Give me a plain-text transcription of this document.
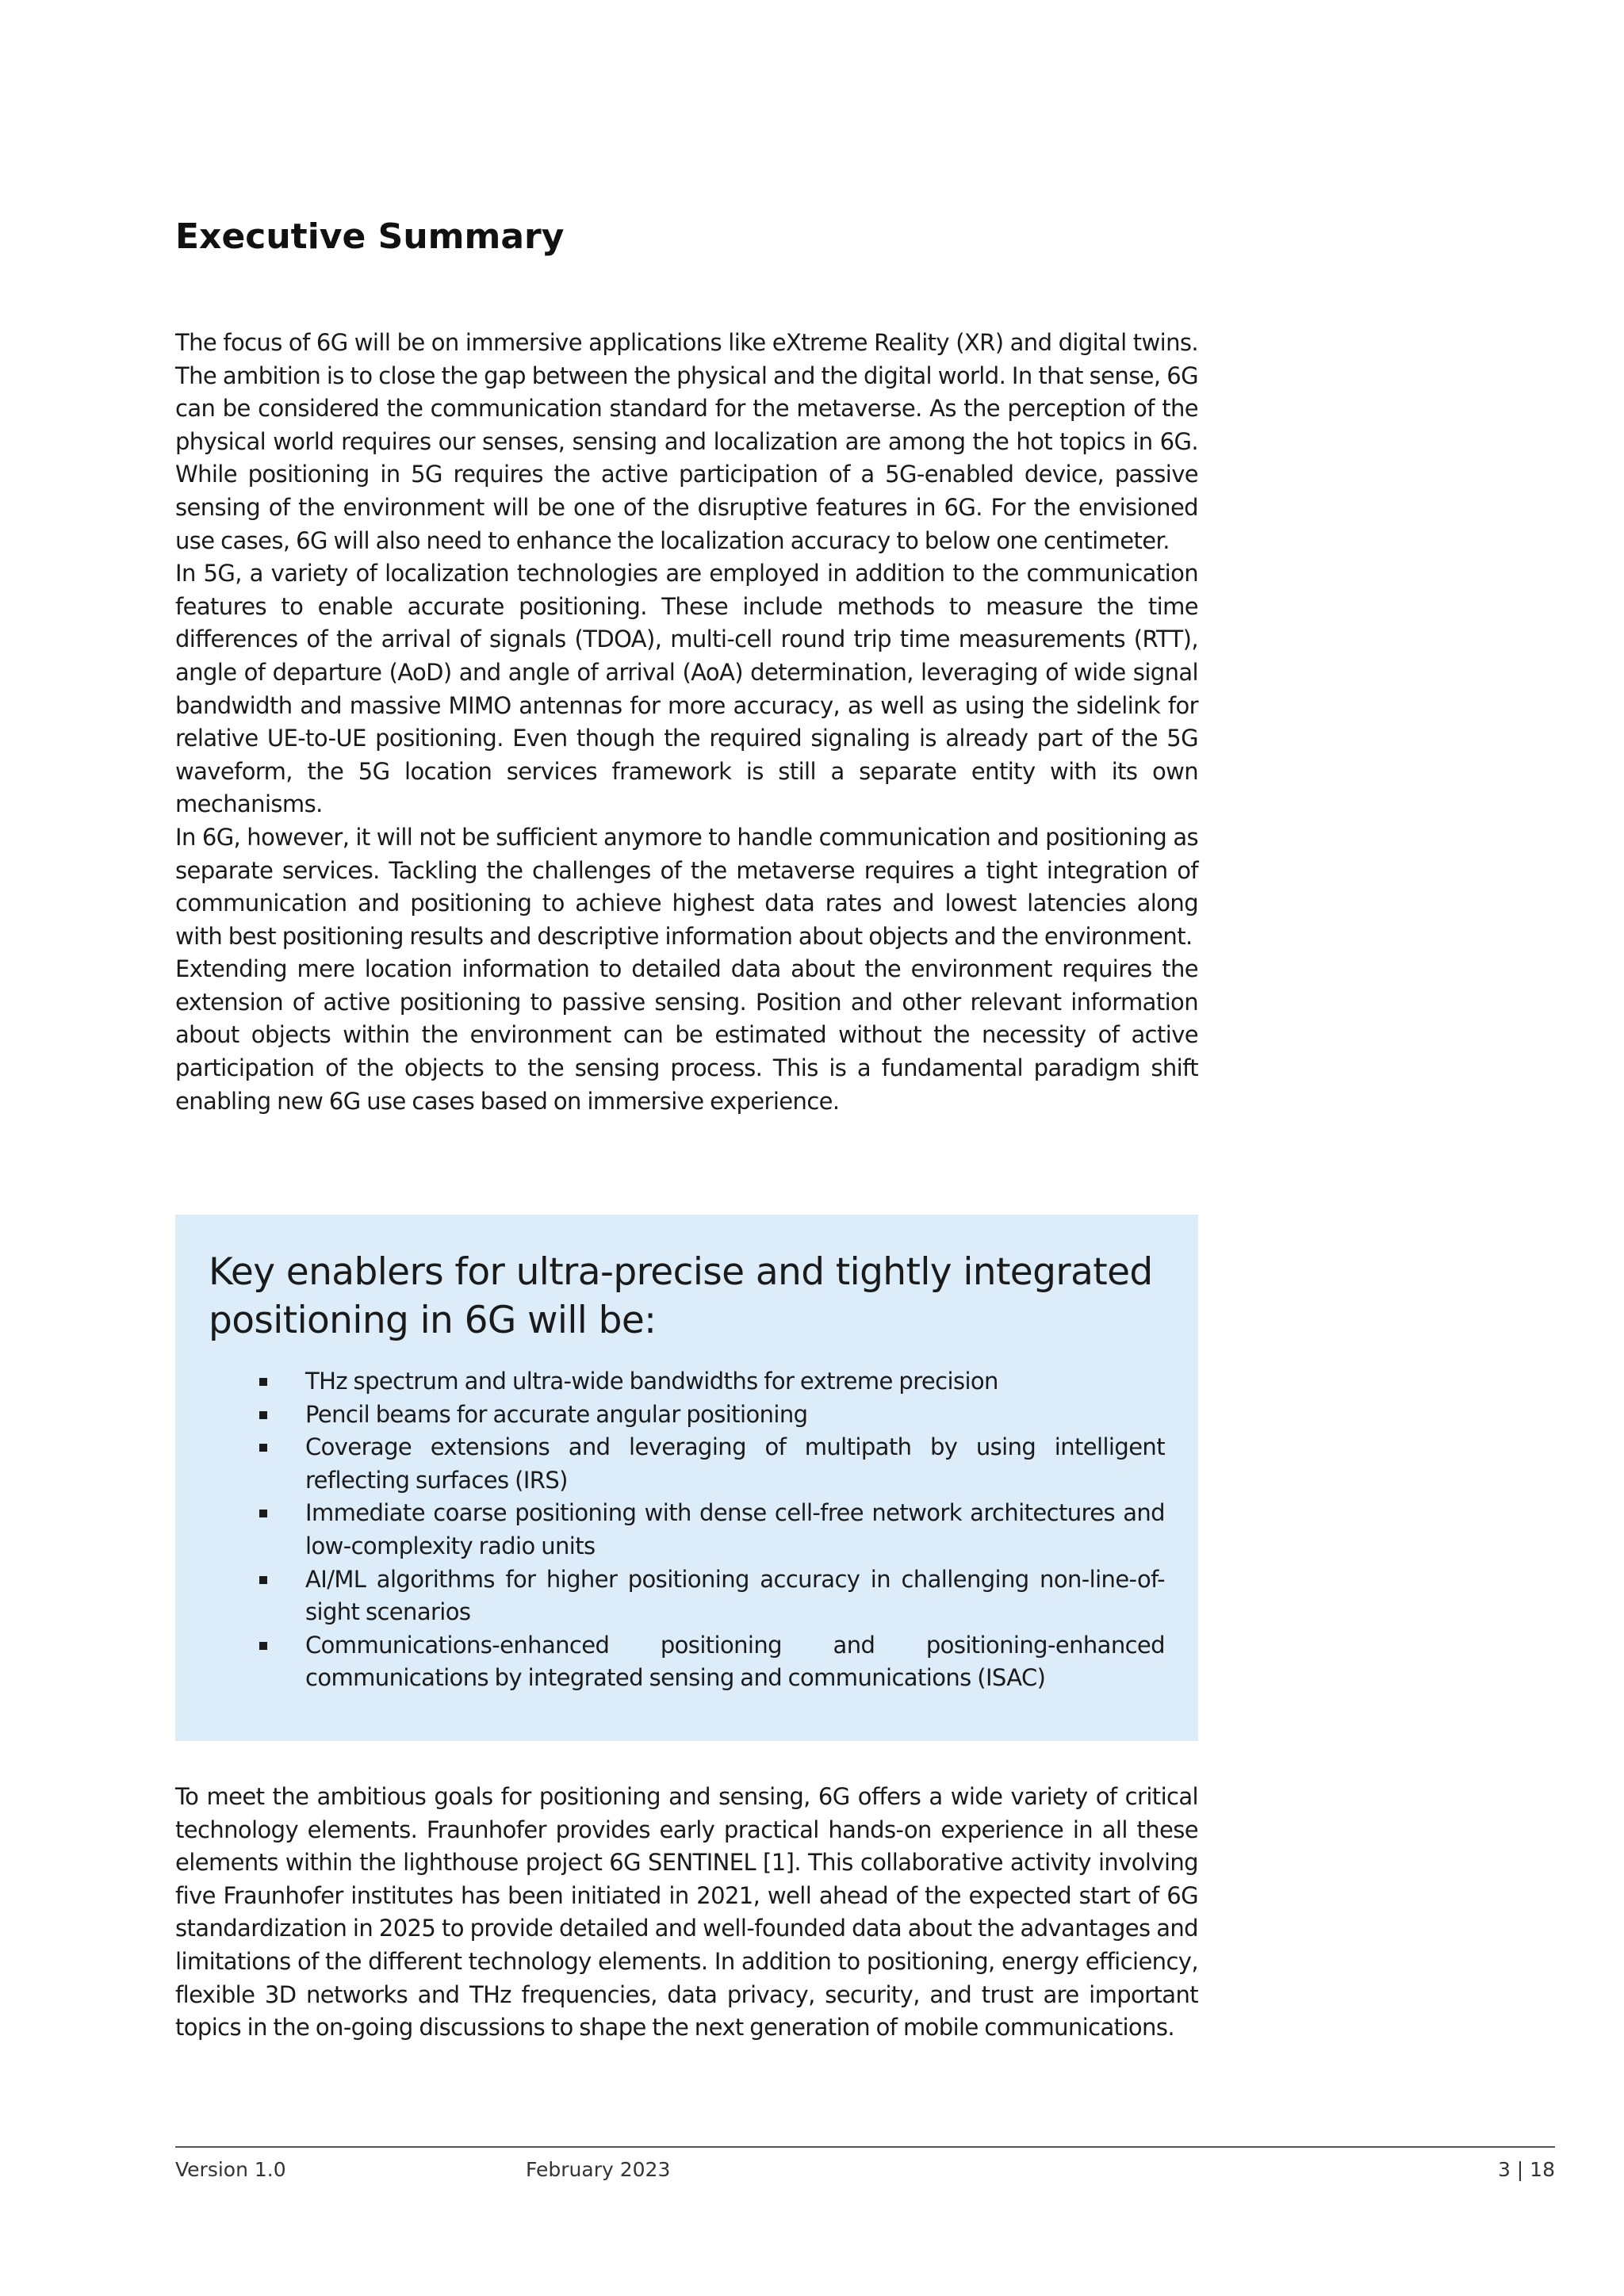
Executive Summary

The focus of 6G will be on immersive applications like eXtreme Reality (XR) and digital twins. The ambition is to close the gap between the physical and the digital world. In that sense, 6G can be considered the communication standard for the metaverse. As the perception of the physical world requires our senses, sensing and localization are among the hot topics in 6G. While positioning in 5G requires the active participation of a 5G-enabled device, passive sensing of the environment will be one of the disruptive features in 6G. For the envisioned use cases, 6G will also need to enhance the localization accuracy to below one centimeter.

In 5G, a variety of localization technologies are employed in addition to the communication features to enable accurate positioning. These include methods to measure the time differences of the arrival of signals (TDOA), multi-cell round trip time measurements (RTT), angle of departure (AoD) and angle of arrival (AoA) determination, leveraging of wide signal bandwidth and massive MIMO antennas for more accuracy, as well as using the sidelink for relative UE-to-UE positioning. Even though the required signaling is already part of the 5G waveform, the 5G location services framework is still a separate entity with its own mechanisms.

In 6G, however, it will not be sufficient anymore to handle communication and positioning as separate services. Tackling the challenges of the metaverse requires a tight integration of communication and positioning to achieve highest data rates and lowest latencies along with best positioning results and descriptive information about objects and the environment.

Extending mere location information to detailed data about the environment requires the extension of active positioning to passive sensing. Position and other relevant information about objects within the environment can be estimated without the necessity of active participation of the objects to the sensing process. This is a fundamental paradigm shift enabling new 6G use cases based on immersive experience.

Key enablers for ultra-precise and tightly integrated positioning in 6G will be:
THz spectrum and ultra-wide bandwidths for extreme precision
Pencil beams for accurate angular positioning
Coverage extensions and leveraging of multipath by using intelligent reflecting surfaces (IRS)
Immediate coarse positioning with dense cell-free network architectures and low-complexity radio units
AI/ML algorithms for higher positioning accuracy in challenging non-line-of-sight scenarios
Communications-enhanced positioning and positioning-enhanced communications by integrated sensing and communications (ISAC)

To meet the ambitious goals for positioning and sensing, 6G offers a wide variety of critical technology elements. Fraunhofer provides early practical hands-on experience in all these elements within the lighthouse project 6G SENTINEL [1]. This collaborative activity involving five Fraunhofer institutes has been initiated in 2021, well ahead of the expected start of 6G standardization in 2025 to provide detailed and well-founded data about the advantages and limitations of the different technology elements. In addition to positioning, energy efficiency, flexible 3D networks and THz frequencies, data privacy, security, and trust are important topics in the on-going discussions to shape the next generation of mobile communications.

Version 1.0	February 2023	3 | 18
